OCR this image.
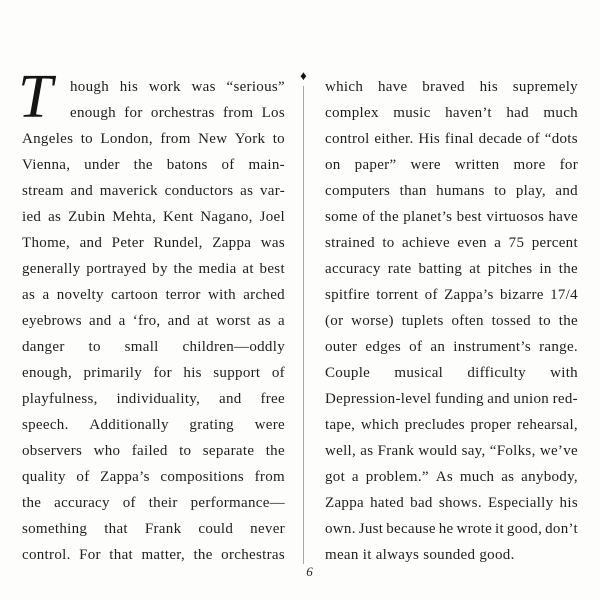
T hough his work was “serious”
enough for orchestras from Los
Angeles to London, from New York to
Vienna, under the batons of main-
stream and maverick conductors as var-
ied as Zubin Mehta, Kent Nagano, Joel
Thome, and Peter Rundel, Zappa was
generally portrayed by the media at best
as a novelty cartoon terror with arched
eyebrows and a ‘fro, and at worst as a
danger to small children—oddly
enough, primarily for his support of
playfulness, individuality, and free
speech. Additionally grating were
observers who failed to separate the
quality of Zappa’s compositions from
the accuracy of their performance—
something that Frank could never
control. For that matter, the orchestras
♦
6
which have braved his supremely
complex music haven’t had much
control either. His final decade of “dots
on paper” were written more for
computers than humans to play, and
some of the planet’s best virtuosos have
strained to achieve even a 75 percent
accuracy rate batting at pitches in the
spitfire torrent of Zappa’s bizarre 17/4
(or worse) tuplets often tossed to the
outer edges of an instrument’s range.
Couple musical difficulty with
Depression-level funding and union red-
tape, which precludes proper rehearsal,
well, as Frank would say, “Folks, we’ve
got a problem.” As much as anybody,
Zappa hated bad shows. Especially his
own. Just because he wrote it good, don’t
mean it always sounded good.
